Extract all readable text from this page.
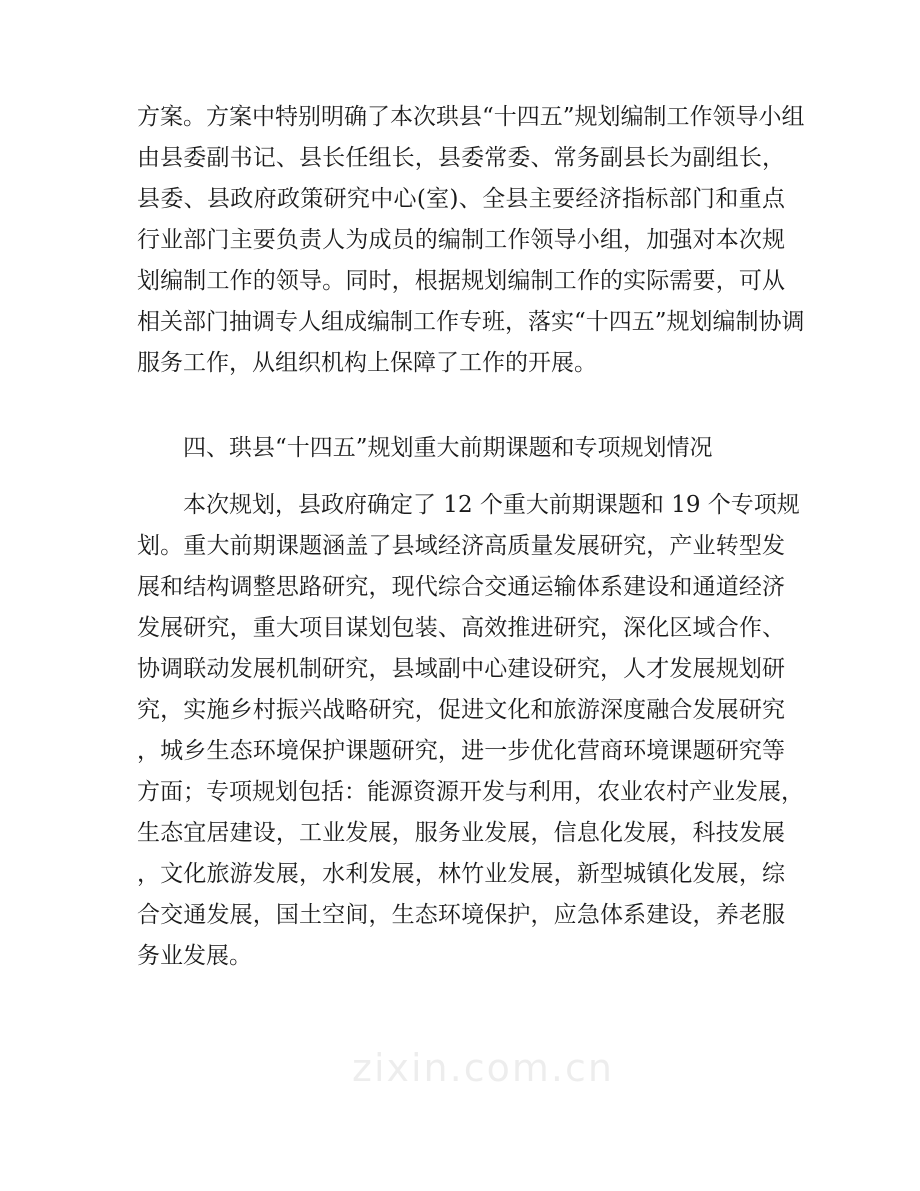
方案。方案中特别明确了本次珙县“十四五”规划编制工作领导小组
由县委副书记、县长任组长，县委常委、常务副县长为副组长，
县委、县政府政策研究中心(室)、全县主要经济指标部门和重点
行业部门主要负责人为成员的编制工作领导小组，加强对本次规
划编制工作的领导。同时，根据规划编制工作的实际需要，可从
相关部门抽调专人组成编制工作专班，落实“十四五”规划编制协调
服务工作，从组织机构上保障了工作的开展。

四、珙县“十四五”规划重大前期课题和专项规划情况

本次规划，县政府确定了 12 个重大前期课题和 19 个专项规
划。重大前期课题涵盖了县域经济高质量发展研究，产业转型发
展和结构调整思路研究，现代综合交通运输体系建设和通道经济
发展研究，重大项目谋划包装、高效推进研究，深化区域合作、
协调联动发展机制研究，县域副中心建设研究，人才发展规划研
究，实施乡村振兴战略研究，促进文化和旅游深度融合发展研究
，城乡生态环境保护课题研究，进一步优化营商环境课题研究等
方面；专项规划包括：能源资源开发与利用，农业农村产业发展，
生态宜居建设，工业发展，服务业发展，信息化发展，科技发展
，文化旅游发展，水利发展，林竹业发展，新型城镇化发展，综
合交通发展，国土空间，生态环境保护，应急体系建设，养老服
务业发展。
zixin.com.cn
